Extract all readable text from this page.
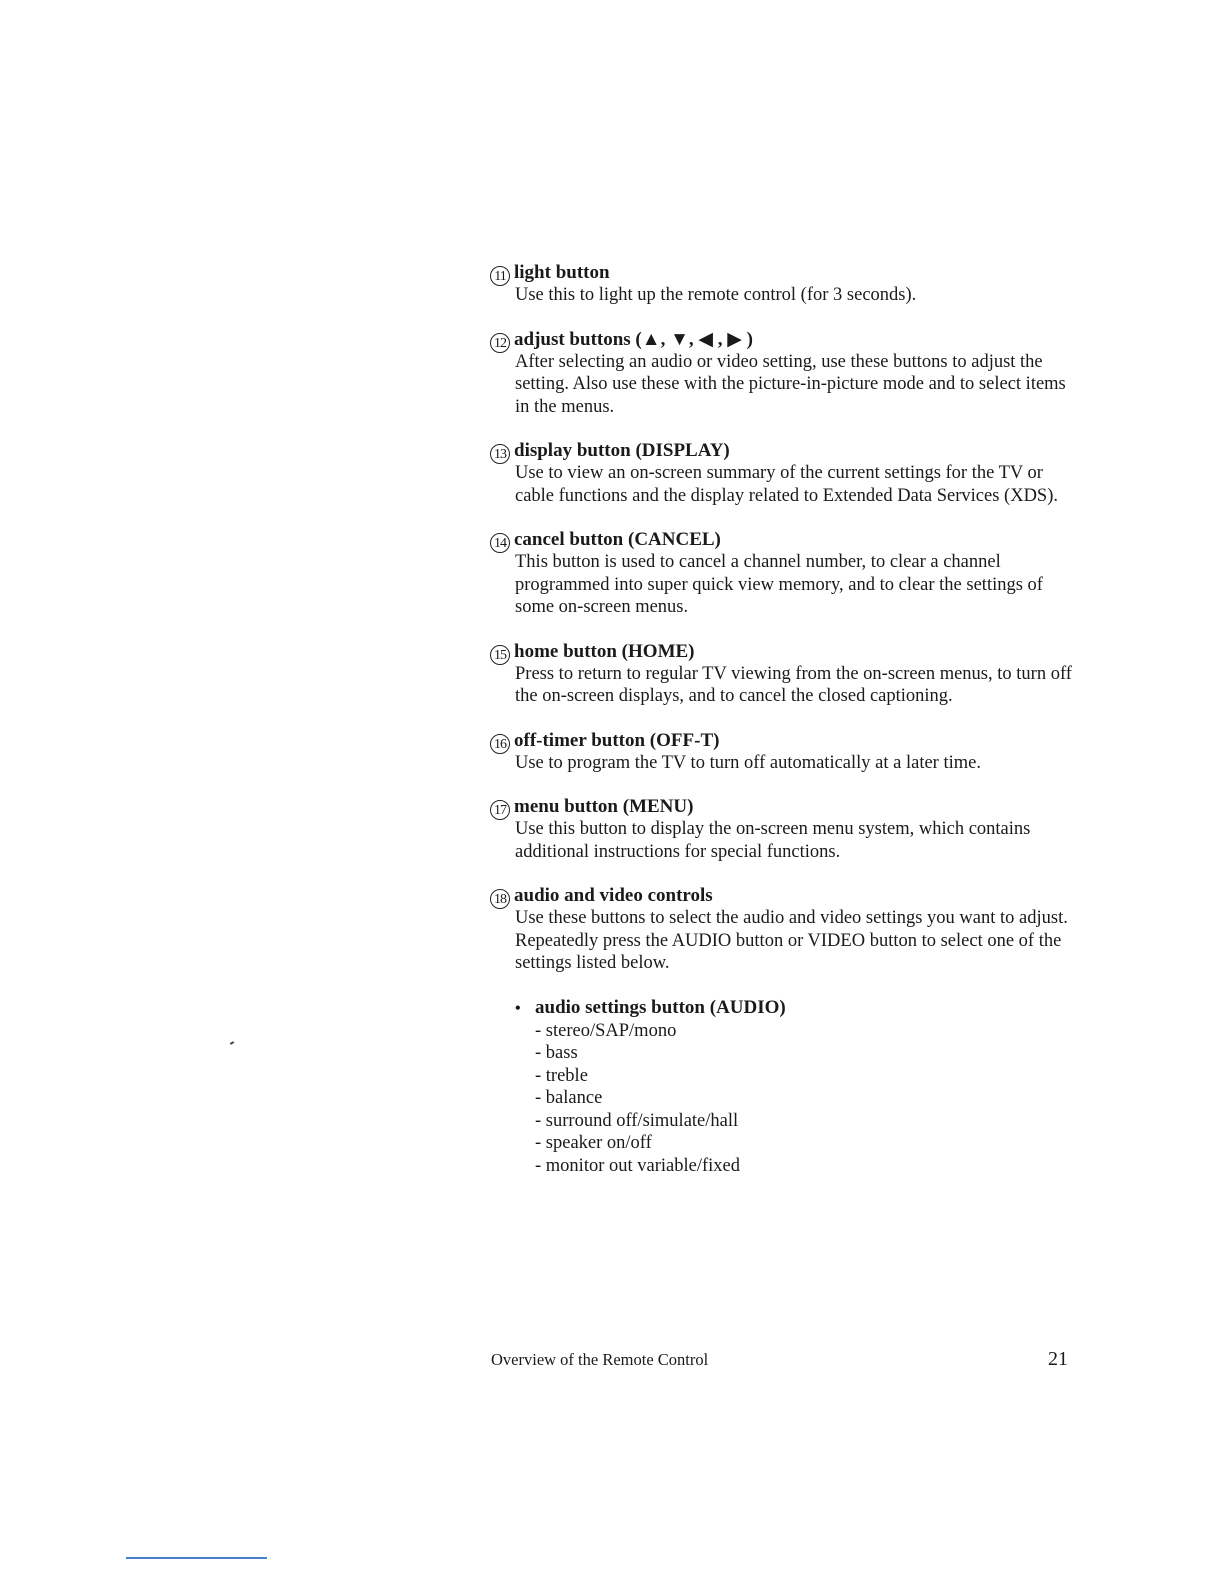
11 light button

Use this to light up the remote control (for 3 seconds).

12 adjust buttons (▲, ▼, ◀ , ▶ )

After selecting an audio or video setting, use these buttons to adjust the setting. Also use these with the picture-in-picture mode and to select items in the menus.

13 display button (DISPLAY)

Use to view an on-screen summary of the current settings for the TV or cable functions and the display related to Extended Data Services (XDS).

14 cancel button (CANCEL)

This button is used to cancel a channel number, to clear a channel programmed into super quick view memory, and to clear the settings of some on-screen menus.

15 home button (HOME)

Press to return to regular TV viewing from the on-screen menus, to turn off the on-screen displays, and to cancel the closed captioning.

16 off-timer button (OFF-T)

Use to program the TV to turn off automatically at a later time.

17 menu button (MENU)

Use this button to display the on-screen menu system, which contains additional instructions for special functions.

18 audio and video controls

Use these buttons to select the audio and video settings you want to adjust.

Repeatedly press the AUDIO button or VIDEO button to select one of the settings listed below.

• audio settings button (AUDIO)
- stereo/SAP/mono
- bass
- treble
- balance
- surround off/simulate/hall
- speaker on/off
- monitor out variable/fixed
Overview of the Remote Control	21
